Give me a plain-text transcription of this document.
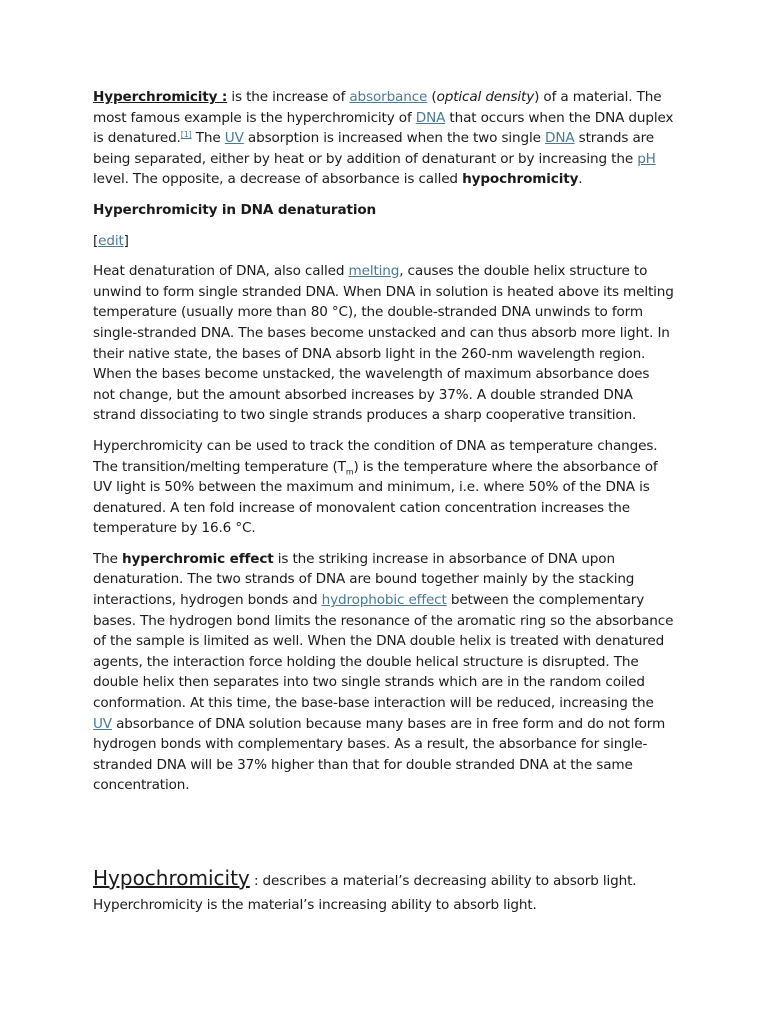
Hyperchromicity : is the increase of absorbance (optical density) of a material. The most famous example is the hyperchromicity of DNA that occurs when the DNA duplex is denatured.[1] The UV absorption is increased when the two single DNA strands are being separated, either by heat or by addition of denaturant or by increasing the pH level. The opposite, a decrease of absorbance is called hypochromicity.

Hyperchromicity in DNA denaturation

[edit]

Heat denaturation of DNA, also called melting, causes the double helix structure to unwind to form single stranded DNA. When DNA in solution is heated above its melting temperature (usually more than 80 °C), the double-stranded DNA unwinds to form single-stranded DNA. The bases become unstacked and can thus absorb more light. In their native state, the bases of DNA absorb light in the 260-nm wavelength region. When the bases become unstacked, the wavelength of maximum absorbance does not change, but the amount absorbed increases by 37%. A double stranded DNA strand dissociating to two single strands produces a sharp cooperative transition.

Hyperchromicity can be used to track the condition of DNA as temperature changes. The transition/melting temperature $(T_m)$ is the temperature where the absorbance of UV light is 50% between the maximum and minimum, i.e. where 50% of the DNA is denatured. A ten fold increase of monovalent cation concentration increases the temperature by 16.6 °C.

The hyperchromic effect is the striking increase in absorbance of DNA upon denaturation. The two strands of DNA are bound together mainly by the stacking interactions, hydrogen bonds and hydrophobic effect between the complementary bases. The hydrogen bond limits the resonance of the aromatic ring so the absorbance of the sample is limited as well. When the DNA double helix is treated with denatured agents, the interaction force holding the double helical structure is disrupted. The double helix then separates into two single strands which are in the random coiled conformation. At this time, the base-base interaction will be reduced, increasing the UV absorbance of DNA solution because many bases are in free form and do not form hydrogen bonds with complementary bases. As a result, the absorbance for single-stranded DNA will be 37% higher than that for double stranded DNA at the same concentration.

Hypochromicity : describes a material’s decreasing ability to absorb light. Hyperchromicity is the material’s increasing ability to absorb light.
